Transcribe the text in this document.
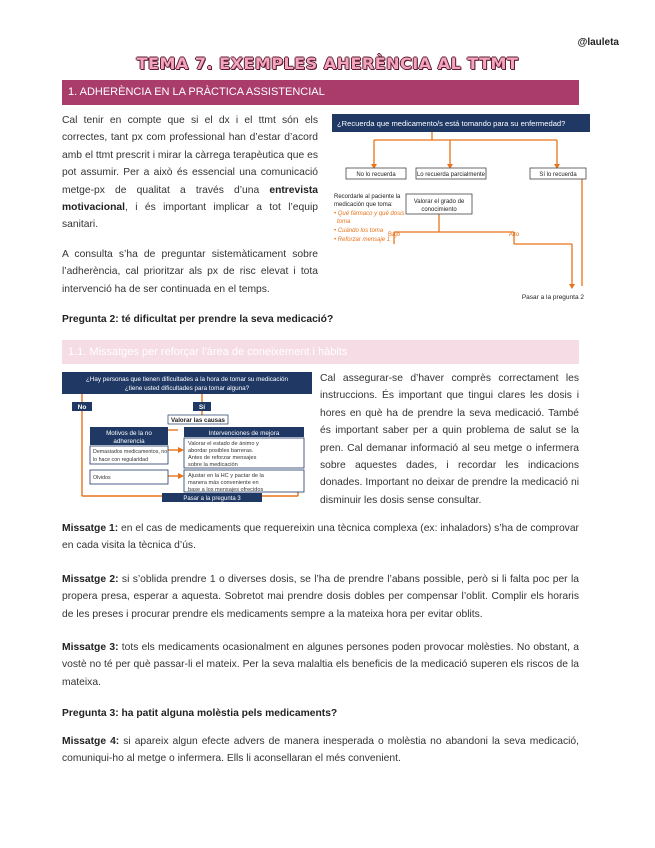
@lauleta
TEMA 7. EXEMPLES AHERÈNCIA AL TTMT
1. ADHERÈNCIA EN LA PRÀCTICA ASSISTENCIAL

Cal tenir en compte que si el dx i el ttmt són els correctes, tant px com professional han d’estar d’acord amb el ttmt prescrit i mirar la càrrega terapèutica que es pot assumir. Per a això és essencial una comunicació metge-px de qualitat a través d’una entrevista motivacional, i és important implicar a tot l’equip sanitari.

A consulta s’ha de preguntar sistemàticament sobre l’adherència, cal prioritzar als px de risc elevat i tota intervenció ha de ser continuada en el temps.

¿Recuerda que medicamento/s está tomando para su enfermedad?
No lo recuerda	Lo recuerda parcialmente	Sí lo recuerda
Recordarle al paciente la
medicación que toma:
• Qué fármaco y qué dosis
toma
• Cuándo los toma
• Reforzar mensaje 1
Valorar el grado de
conocimiento
Bajo	Alto
Pasar a la pregunta 2
Pregunta 2: té dificultat per prendre la seva medicació?
1.1. Missatges per reforçar l’àrea de coneixement i hàbits
¿Hay personas que tienen dificultades a la hora de tomar su medicación
¿tiene usted dificultades para tomar alguna?
No	Sí
Valorar las causas
Motivos de la no
adherencia
Intervenciones de mejora
Demasiados medicamentos, no
lo hace con regularidad
Olvidos
Valorar el estado de ánimo y
abordar posibles barreras.
Antes de reforzar mensajes
sobre la medicación
Ajustar en la HC y pactar de la
manera más conveniente en
base a los mensajes ofrecidos
Pasar a la pregunta 3

Cal assegurar-se d’haver comprès correctament les instruccions. És important que tingui clares les dosis i hores en què ha de prendre la seva medicació. També és important saber per a quin problema de salut se la pren. Cal demanar informació al seu metge o infermera sobre aquestes dades, i recordar les indicacions donades. Important no deixar de prendre la medicació ni disminuir les dosis sense consultar.

Missatge 1: en el cas de medicaments que requereixin una tècnica complexa (ex: inhaladors) s’ha de comprovar en cada visita la tècnica d’ús.

Missatge 2: si s’oblida prendre 1 o diverses dosis, se l’ha de prendre l’abans possible, però si li falta poc per la propera presa, esperar a aquesta. Sobretot mai prendre dosis dobles per compensar l’oblit. Complir els horaris de les preses i procurar prendre els medicaments sempre a la mateixa hora per evitar oblits.

Missatge 3: tots els medicaments ocasionalment en algunes persones poden provocar molèsties. No obstant, a vostè no té per què passar-li el mateix. Per la seva malaltia els beneficis de la medicació superen els riscos de la mateixa.

Pregunta 3: ha patit alguna molèstia pels medicaments?

Missatge 4: si apareix algun efecte advers de manera inesperada o molèstia no abandoni la seva medicació, comuniqui-ho al metge o infermera. Ells li aconsellaran el més convenient.
